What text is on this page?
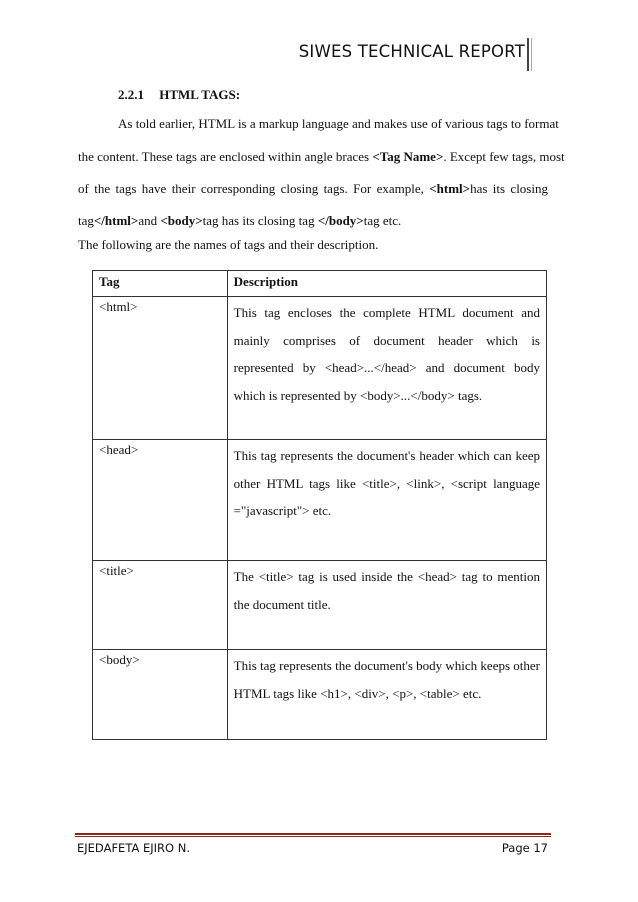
SIWES TECHNICAL REPORT
2.2.1 HTML TAGS:
As told earlier, HTML is a markup language and makes use of various tags to format
the content. These tags are enclosed within angle braces <Tag Name>. Except few tags, most
of the tags have their corresponding closing tags. For example, <html>has its closing
tag</html>and <body>tag has its closing tag </body>tag etc.
The following are the names of tags and their description.
Tag	Description
<html>	This tag encloses the complete HTML document and
mainly comprises of document header which is
represented by <head>...</head> and document body
which is represented by <body>...</body> tags.

<head>	This tag represents the document's header which can keep
other HTML tags like <title>, <link>, <script language
="javascript"> etc.

<title>	The <title> tag is used inside the <head> tag to mention
the document title.

<body>	This tag represents the document's body which keeps other
HTML tags like <h1>, <div>, <p>, <table> etc.
EJEDAFETA EJIRO N.	Page 17
